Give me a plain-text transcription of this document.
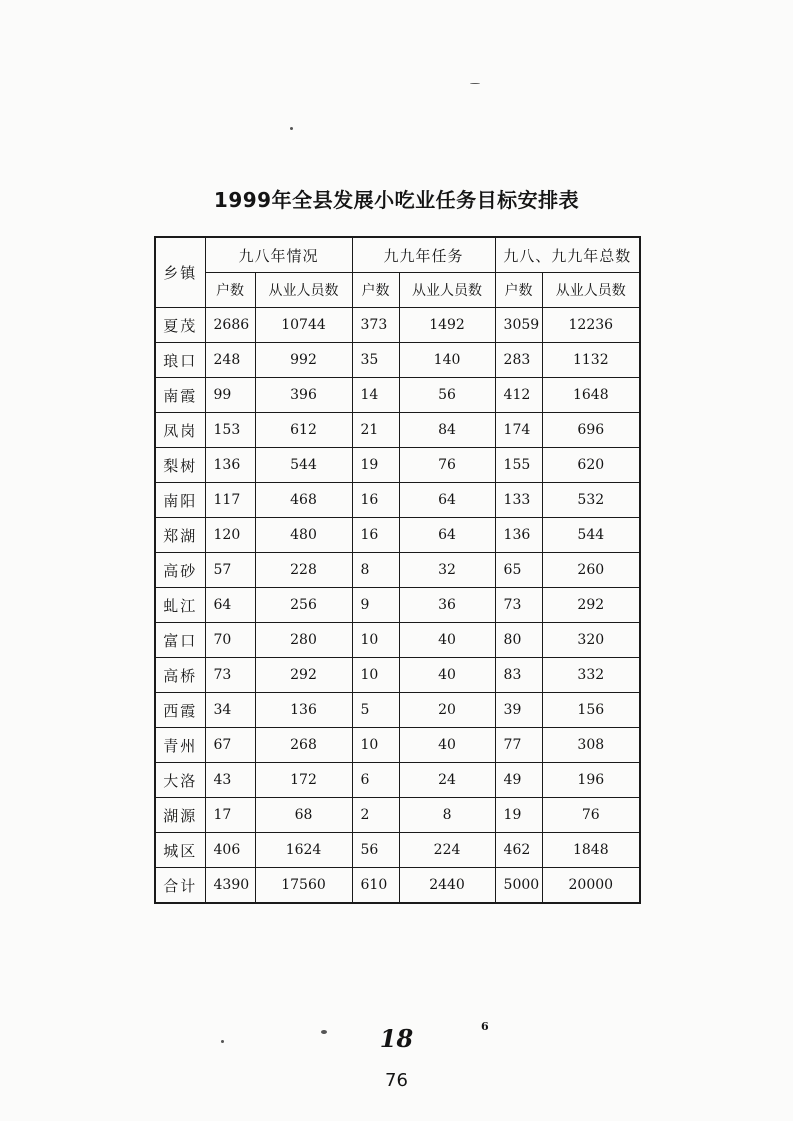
1999年全县发展小吃业任务目标安排表
乡镇	九八年情况		九九年任务		九八、九九年总数	
	户数	从业人员数	户数	从业人员数	户数	从业人员数
夏茂	2686	10744	373	1492	3059	12236
琅口	248	992	35	140	283	1132
南霞	99	396	14	56	412	1648
凤岗	153	612	21	84	174	696
梨树	136	544	19	76	155	620
南阳	117	468	16	64	133	532
郑湖	120	480	16	64	136	544
高砂	57	228	8	32	65	260
虬江	64	256	9	36	73	292
富口	70	280	10	40	80	320
高桥	73	292	10	40	83	332
西霞	34	136	5	20	39	156
青州	67	268	10	40	77	308
大洛	43	172	6	24	49	196
湖源	17	68	2	8	19	76
城区	406	1624	56	224	462	1848
合计	4390	17560	610	2440	5000	20000
18	6
76
